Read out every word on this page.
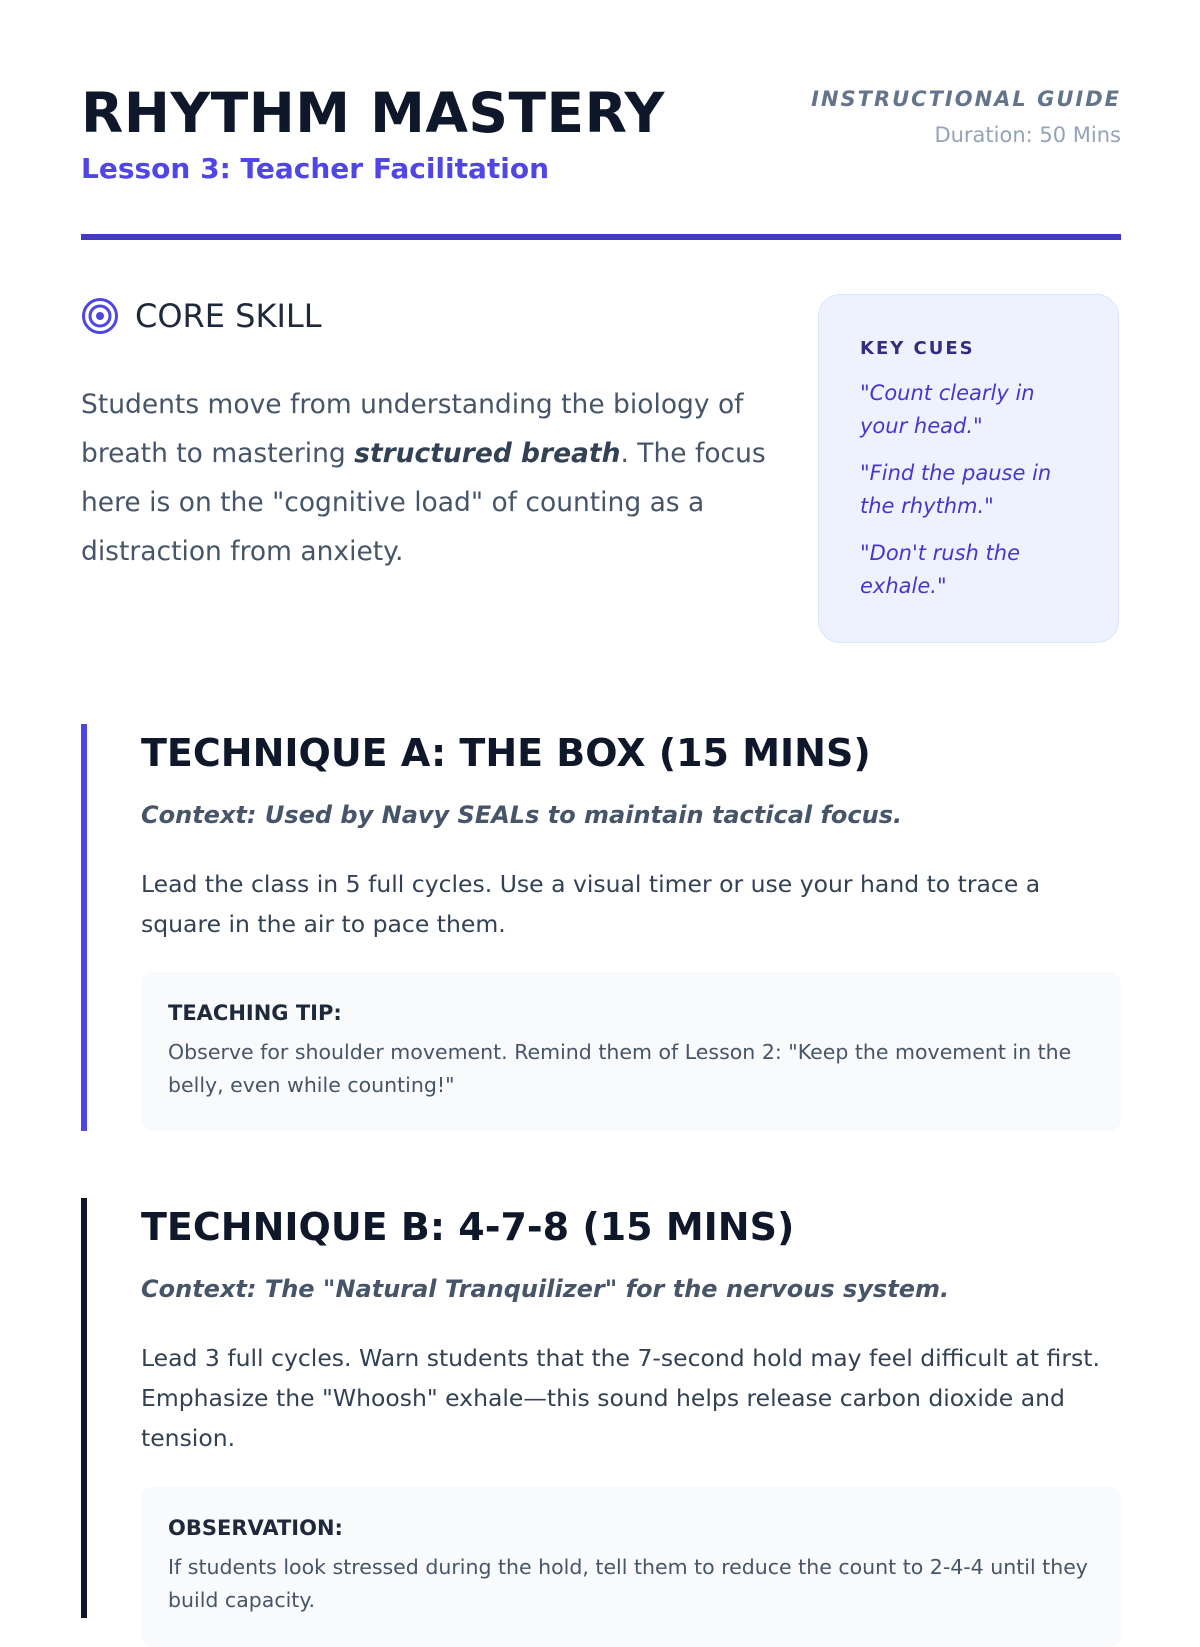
RHYTHM MASTERY
Lesson 3: Teacher Facilitation
INSTRUCTIONAL GUIDE
Duration: 50 Mins
CORE SKILL
Students move from understanding the biology of breath to mastering structured breath. The focus here is on the "cognitive load" of counting as a distraction from anxiety.
KEY CUES
"Count clearly in your head."
"Find the pause in the rhythm."
"Don't rush the exhale."
TECHNIQUE A: THE BOX (15 MINS)
Context: Used by Navy SEALs to maintain tactical focus.
Lead the class in 5 full cycles. Use a visual timer or use your hand to trace a square in the air to pace them.
TEACHING TIP:
Observe for shoulder movement. Remind them of Lesson 2: "Keep the movement in the belly, even while counting!"
TECHNIQUE B: 4-7-8 (15 MINS)
Context: The "Natural Tranquilizer" for the nervous system.
Lead 3 full cycles. Warn students that the 7-second hold may feel difficult at first. Emphasize the "Whoosh" exhale—this sound helps release carbon dioxide and tension.
OBSERVATION:
If students look stressed during the hold, tell them to reduce the count to 2-4-4 until they build capacity.
